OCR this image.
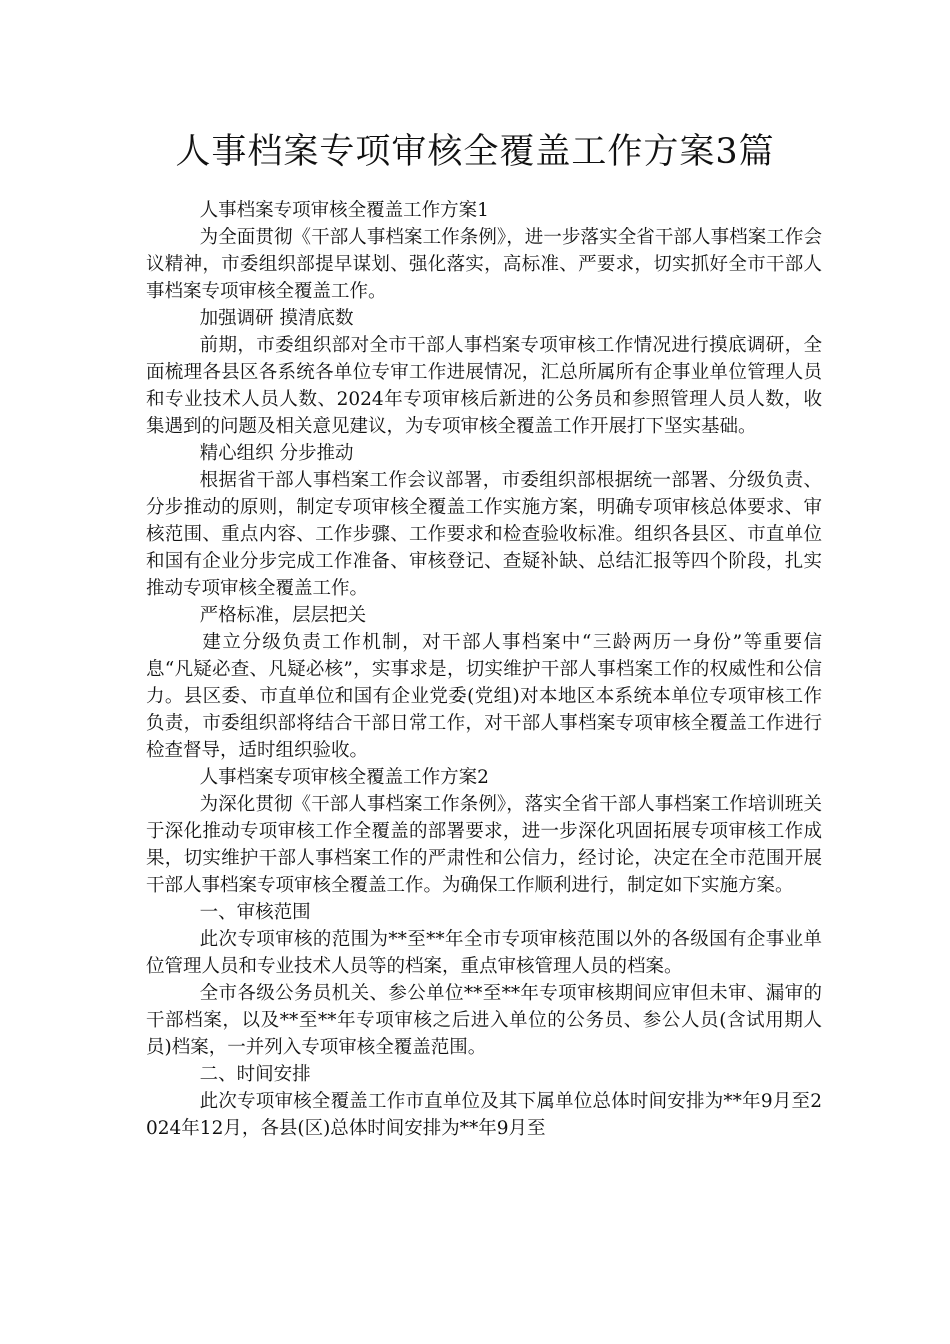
人事档案专项审核全覆盖工作方案3篇

人事档案专项审核全覆盖工作方案1

为全面贯彻《干部人事档案工作条例》，进一步落实全省干部人事档案工作会议精神，市委组织部提早谋划、强化落实，高标准、严要求，切实抓好全市干部人事档案专项审核全覆盖工作。

加强调研 摸清底数

前期，市委组织部对全市干部人事档案专项审核工作情况进行摸底调研，全面梳理各县区各系统各单位专审工作进展情况，汇总所属所有企事业单位管理人员和专业技术人员人数、2024年专项审核后新进的公务员和参照管理人员人数，收集遇到的问题及相关意见建议，为专项审核全覆盖工作开展打下坚实基础。

精心组织 分步推动

根据省干部人事档案工作会议部署，市委组织部根据统一部署、分级负责、分步推动的原则，制定专项审核全覆盖工作实施方案，明确专项审核总体要求、审核范围、重点内容、工作步骤、工作要求和检查验收标准。组织各县区、市直单位和国有企业分步完成工作准备、审核登记、查疑补缺、总结汇报等四个阶段，扎实推动专项审核全覆盖工作。

严格标准，层层把关

建立分级负责工作机制，对干部人事档案中“三龄两历一身份”等重要信息“凡疑必查、凡疑必核”，实事求是，切实维护干部人事档案工作的权威性和公信力。县区委、市直单位和国有企业党委(党组)对本地区本系统本单位专项审核工作负责，市委组织部将结合干部日常工作，对干部人事档案专项审核全覆盖工作进行检查督导，适时组织验收。

人事档案专项审核全覆盖工作方案2

为深化贯彻《干部人事档案工作条例》，落实全省干部人事档案工作培训班关于深化推动专项审核工作全覆盖的部署要求，进一步深化巩固拓展专项审核工作成果，切实维护干部人事档案工作的严肃性和公信力，经讨论，决定在全市范围开展干部人事档案专项审核全覆盖工作。为确保工作顺利进行，制定如下实施方案。

一、审核范围

此次专项审核的范围为**至**年全市专项审核范围以外的各级国有企事业单位管理人员和专业技术人员等的档案，重点审核管理人员的档案。

全市各级公务员机关、参公单位**至**年专项审核期间应审但未审、漏审的干部档案，以及**至**年专项审核之后进入单位的公务员、参公人员(含试用期人员)档案，一并列入专项审核全覆盖范围。

二、时间安排

此次专项审核全覆盖工作市直单位及其下属单位总体时间安排为**年9月至2024年12月，各县(区)总体时间安排为**年9月至
